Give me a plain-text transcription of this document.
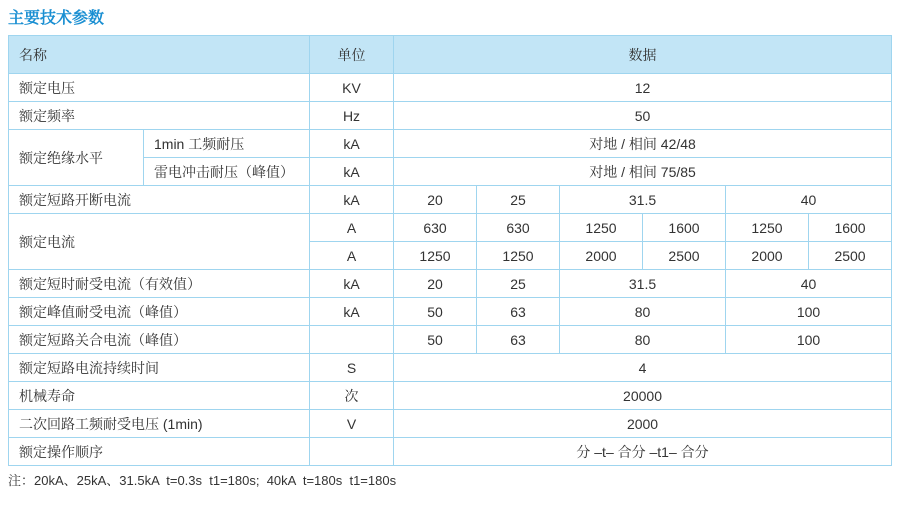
主要技术参数
名称		单位	数据					
额定电压		KV	12					
额定频率		Hz	50					
额定绝缘水平	1min 工频耐压	kA	对地 / 相间 42/48					
	雷电冲击耐压（峰值）	kA	对地 / 相间 75/85					
额定短路开断电流		kA	20	25	31.5		40	
额定电流		A	630	630	1250	1600	1250	1600
		A	1250	1250	2000	2500	2000	2500
额定短时耐受电流（有效值）		kA	20	25	31.5		40	
额定峰值耐受电流（峰值）		kA	50	63	80		100	
额定短路关合电流（峰值）			50	63	80		100	
额定短路电流持续时间		S	4					
机械寿命		次	20000					
二次回路工频耐受电压 (1min)		V	2000					
额定操作顺序			分 –t– 合分 –t1– 合分					
注：20kA、25kA、31.5kA  t=0.3s  t1=180s;  40kA  t=180s  t1=180s
